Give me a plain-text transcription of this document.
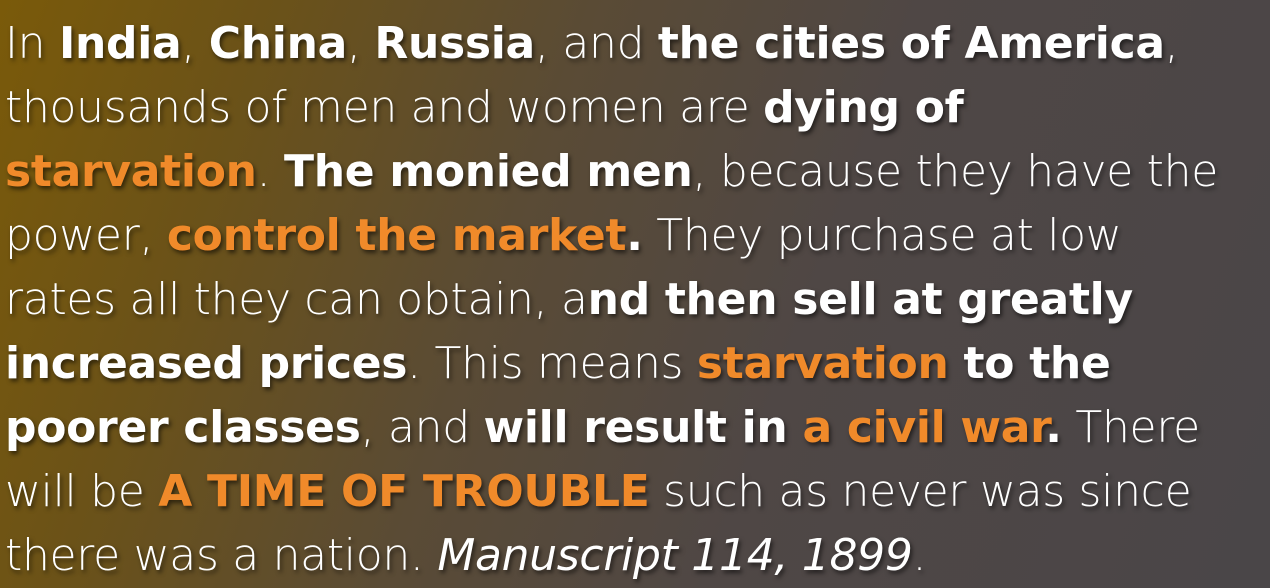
In India, China, Russia, and the cities of America,
thousands of men and women are dying of
starvation. The monied men, because they have the
power, control the market. They purchase at low
rates all they can obtain, and then sell at greatly
increased prices. This means starvation to the
poorer classes, and will result in a civil war. There
will be A TIME OF TROUBLE such as never was since
there was a nation. Manuscript 114, 1899.
